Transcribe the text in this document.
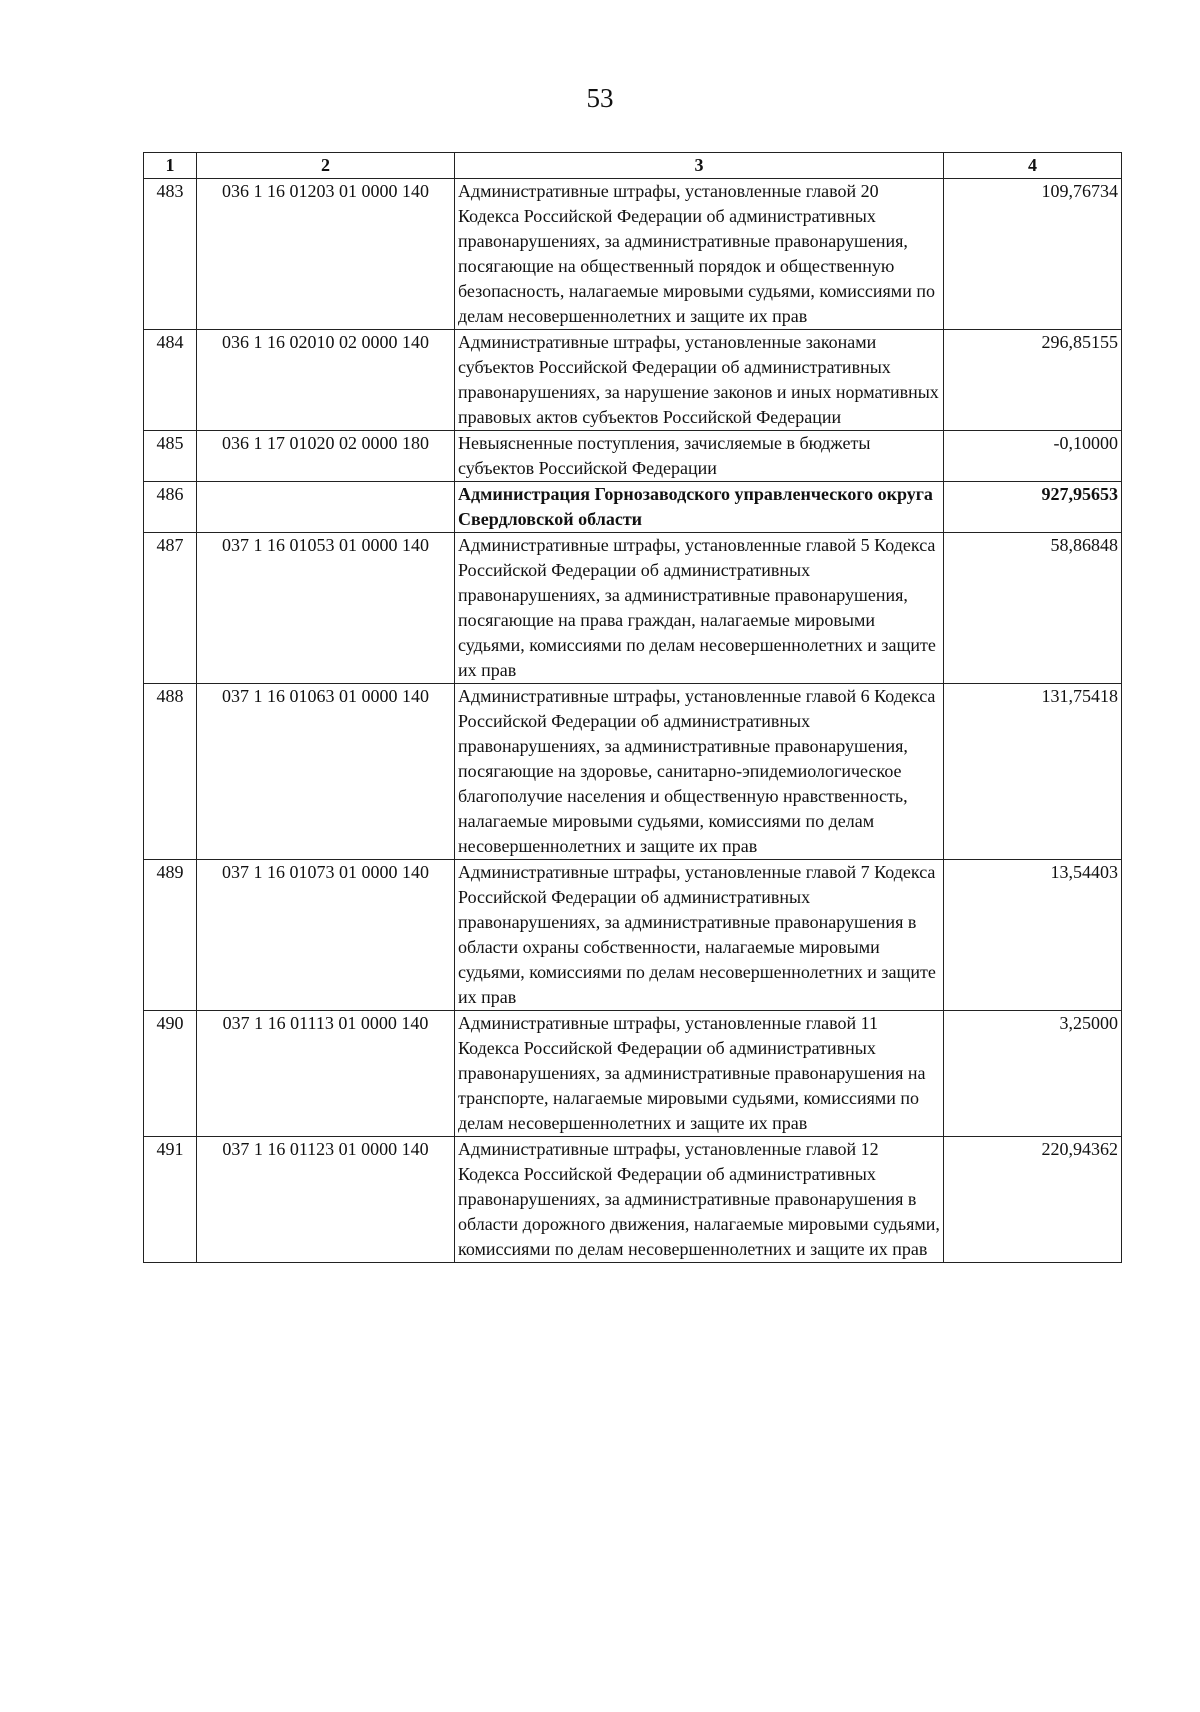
53
1	2	3	4
483	036 1 16 01203 01 0000 140	Административные штрафы, установленные главой 20 Кодекса Российской Федерации об административных правонарушениях, за административные правонарушения, посягающие на общественный порядок и общественную безопасность, налагаемые мировыми судьями, комиссиями по делам несовершеннолетних и защите их прав	109,76734
484	036 1 16 02010 02 0000 140	Административные штрафы, установленные законами субъектов Российской Федерации об административных правонарушениях, за нарушение законов и иных нормативных правовых актов субъектов Российской Федерации	296,85155
485	036 1 17 01020 02 0000 180	Невыясненные поступления, зачисляемые в бюджеты субъектов Российской Федерации	-0,10000
486		Администрация Горнозаводского управленческого округа Свердловской области	927,95653
487	037 1 16 01053 01 0000 140	Административные штрафы, установленные главой 5 Кодекса Российской Федерации об административных правонарушениях, за административные правонарушения, посягающие на права граждан, налагаемые мировыми судьями, комиссиями по делам несовершеннолетних и защите их прав	58,86848
488	037 1 16 01063 01 0000 140	Административные штрафы, установленные главой 6 Кодекса Российской Федерации об административных правонарушениях, за административные правонарушения, посягающие на здоровье, санитарно-эпидемиологическое благополучие населения и общественную нравственность, налагаемые мировыми судьями, комиссиями по делам несовершеннолетних и защите их прав	131,75418
489	037 1 16 01073 01 0000 140	Административные штрафы, установленные главой 7 Кодекса Российской Федерации об административных правонарушениях, за административные правонарушения в области охраны собственности, налагаемые мировыми судьями, комиссиями по делам несовершеннолетних и защите их прав	13,54403
490	037 1 16 01113 01 0000 140	Административные штрафы, установленные главой 11 Кодекса Российской Федерации об административных правонарушениях, за административные правонарушения на транспорте, налагаемые мировыми судьями, комиссиями по делам несовершеннолетних и защите их прав	3,25000
491	037 1 16 01123 01 0000 140	Административные штрафы, установленные главой 12 Кодекса Российской Федерации об административных правонарушениях, за административные правонарушения в области дорожного движения, налагаемые мировыми судьями, комиссиями по делам несовершеннолетних и защите их прав	220,94362
